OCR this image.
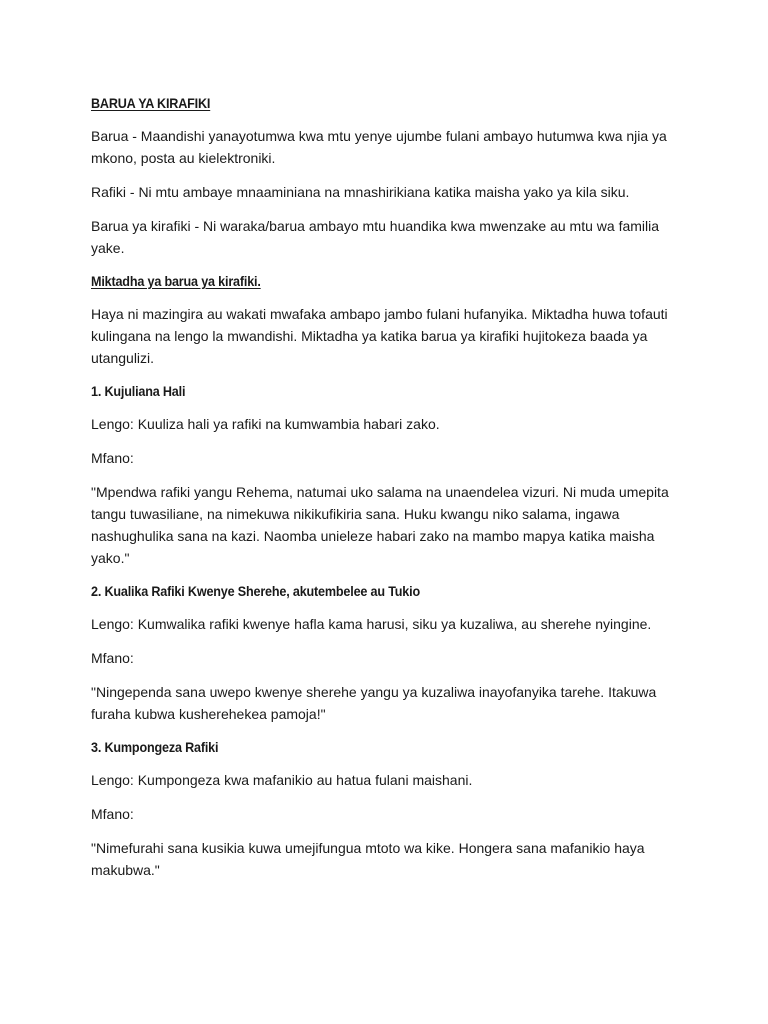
BARUA YA KIRAFIKI

Barua - Maandishi yanayotumwa kwa mtu yenye ujumbe fulani ambayo hutumwa kwa njia ya mkono, posta au kielektroniki.

Rafiki - Ni mtu ambaye mnaaminiana na mnashirikiana katika maisha yako ya kila siku.

Barua ya kirafiki - Ni waraka/barua ambayo mtu huandika kwa mwenzake au mtu wa familia yake.

Miktadha ya barua ya kirafiki.

Haya ni mazingira au wakati mwafaka ambapo jambo fulani hufanyika. Miktadha huwa tofauti kulingana na lengo la mwandishi. Miktadha ya katika barua ya kirafiki hujitokeza baada ya utangulizi.

1. Kujuliana Hali

Lengo: Kuuliza hali ya rafiki na kumwambia habari zako.

Mfano:

"Mpendwa rafiki yangu Rehema, natumai uko salama na unaendelea vizuri. Ni muda umepita tangu tuwasiliane, na nimekuwa nikikufikiria sana. Huku kwangu niko salama, ingawa nashughulika sana na kazi. Naomba unieleze habari zako na mambo mapya katika maisha yako."

2. Kualika Rafiki Kwenye Sherehe, akutembelee au Tukio

Lengo: Kumwalika rafiki kwenye hafla kama harusi, siku ya kuzaliwa, au sherehe nyingine.

Mfano:

"Ningependa sana uwepo kwenye sherehe yangu ya kuzaliwa inayofanyika tarehe. Itakuwa furaha kubwa kusherehekea pamoja!"

3. Kumpongeza Rafiki

Lengo: Kumpongeza kwa mafanikio au hatua fulani maishani.

Mfano:

"Nimefurahi sana kusikia kuwa umejifungua mtoto wa kike. Hongera sana mafanikio haya makubwa."
